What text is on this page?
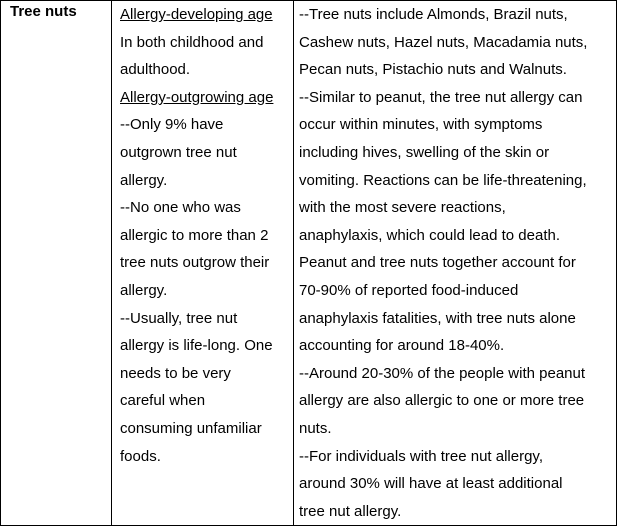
Tree nuts	Allergy-developing age
In both childhood and
adulthood.
Allergy-outgrowing age
--Only 9% have
outgrown tree nut
allergy.
--No one who was
allergic to more than 2
tree nuts outgrow their
allergy.
--Usually, tree nut
allergy is life-long. One
needs to be very
careful when
consuming unfamiliar
foods.
--Tree nuts include Almonds, Brazil nuts,
Cashew nuts, Hazel nuts, Macadamia nuts,
Pecan nuts, Pistachio nuts and Walnuts.
--Similar to peanut, the tree nut allergy can
occur within minutes, with symptoms
including hives, swelling of the skin or
vomiting. Reactions can be life-threatening,
with the most severe reactions,
anaphylaxis, which could lead to death.
Peanut and tree nuts together account for
70-90% of reported food-induced
anaphylaxis fatalities, with tree nuts alone
accounting for around 18-40%.
--Around 20-30% of the people with peanut
allergy are also allergic to one or more tree
nuts.
--For individuals with tree nut allergy,
around 30% will have at least additional
tree nut allergy.
